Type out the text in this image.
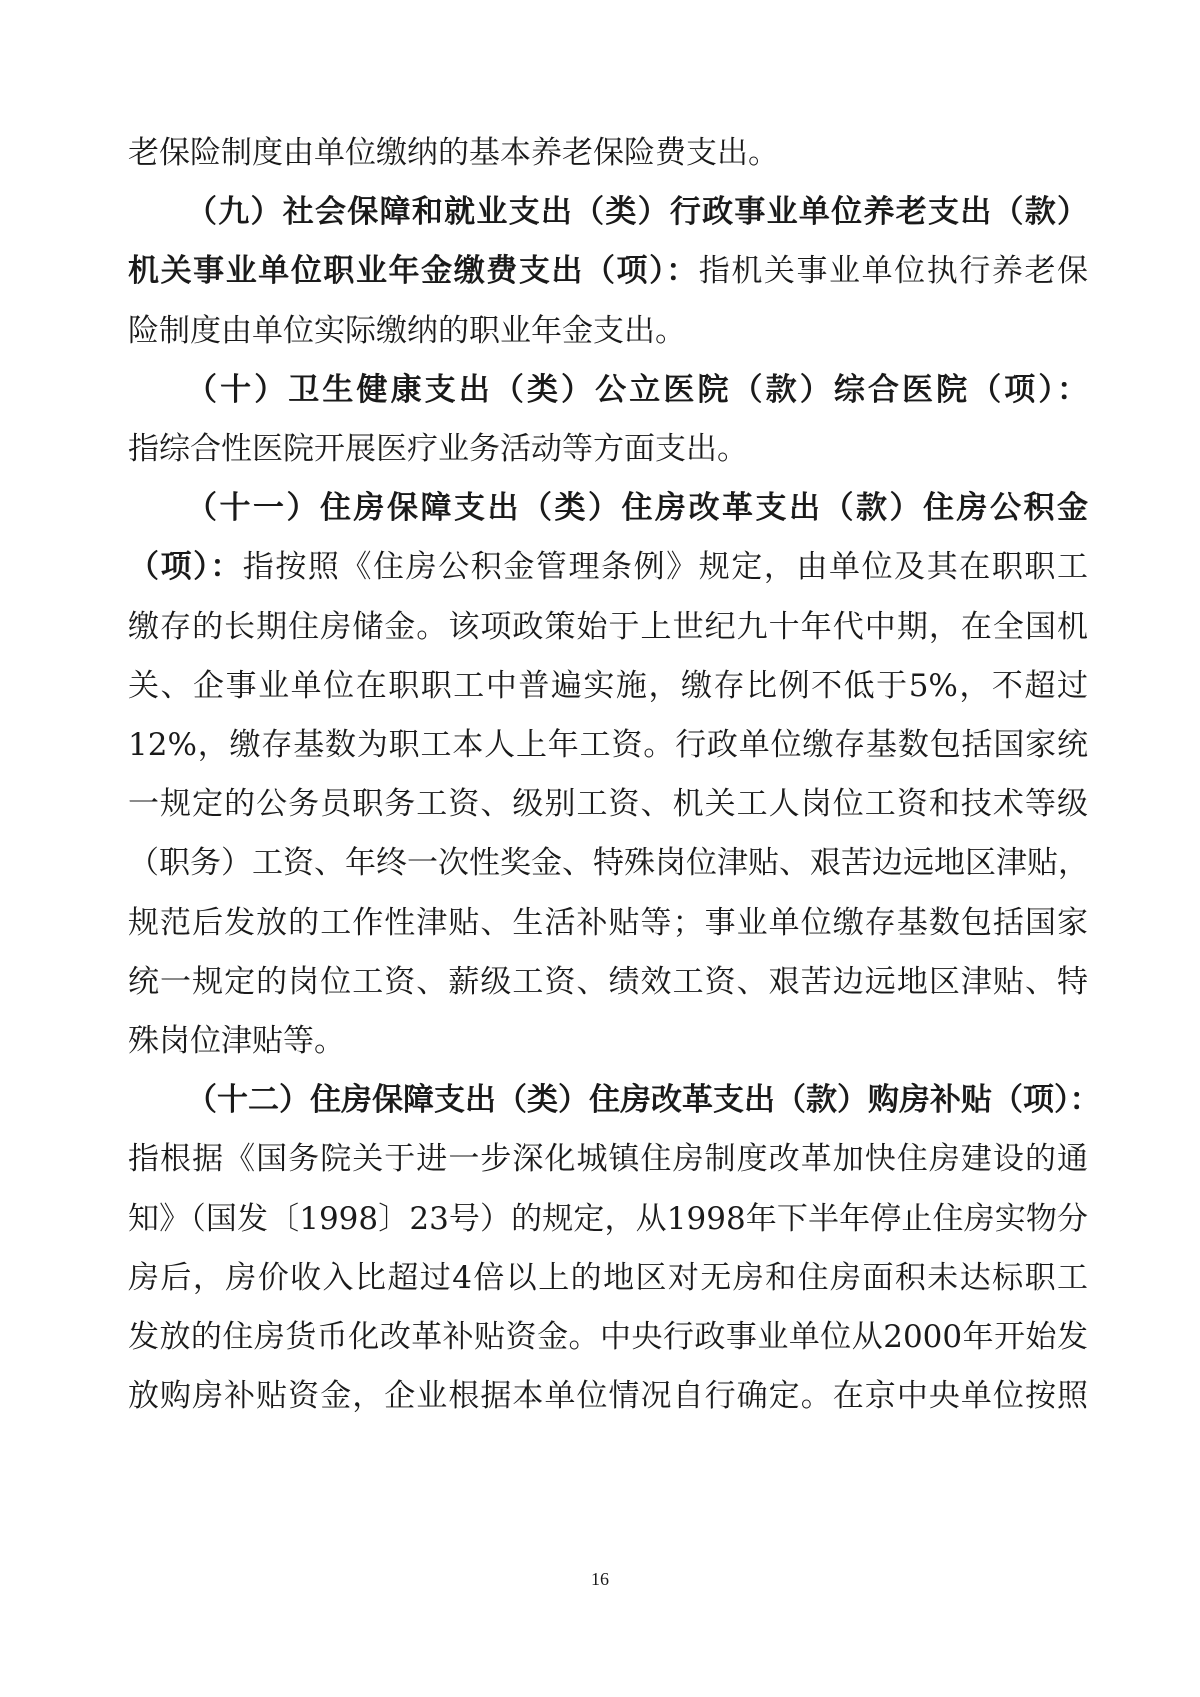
老保险制度由单位缴纳的基本养老保险费支出。
（九）社会保障和就业支出（类）行政事业单位养老支出（款）
机关事业单位职业年金缴费支出（项）：指机关事业单位执行养老保
险制度由单位实际缴纳的职业年金支出。
（十）卫生健康支出（类）公立医院（款）综合医院（项）：
指综合性医院开展医疗业务活动等方面支出。
（十一）住房保障支出（类）住房改革支出（款）住房公积金
（项）：指按照《住房公积金管理条例》规定，由单位及其在职职工
缴存的长期住房储金。该项政策始于上世纪九十年代中期，在全国机
关、企事业单位在职职工中普遍实施，缴存比例不低于5%，不超过
12%，缴存基数为职工本人上年工资。行政单位缴存基数包括国家统
一规定的公务员职务工资、级别工资、机关工人岗位工资和技术等级
（职务）工资、年终一次性奖金、特殊岗位津贴、艰苦边远地区津贴，
规范后发放的工作性津贴、生活补贴等；事业单位缴存基数包括国家
统一规定的岗位工资、薪级工资、绩效工资、艰苦边远地区津贴、特
殊岗位津贴等。
（十二）住房保障支出（类）住房改革支出（款）购房补贴（项）：
指根据《国务院关于进一步深化城镇住房制度改革加快住房建设的通
知》（国发〔1998〕23号）的规定，从1998年下半年停止住房实物分
房后，房价收入比超过4倍以上的地区对无房和住房面积未达标职工
发放的住房货币化改革补贴资金。中央行政事业单位从2000年开始发
放购房补贴资金，企业根据本单位情况自行确定。在京中央单位按照
16
